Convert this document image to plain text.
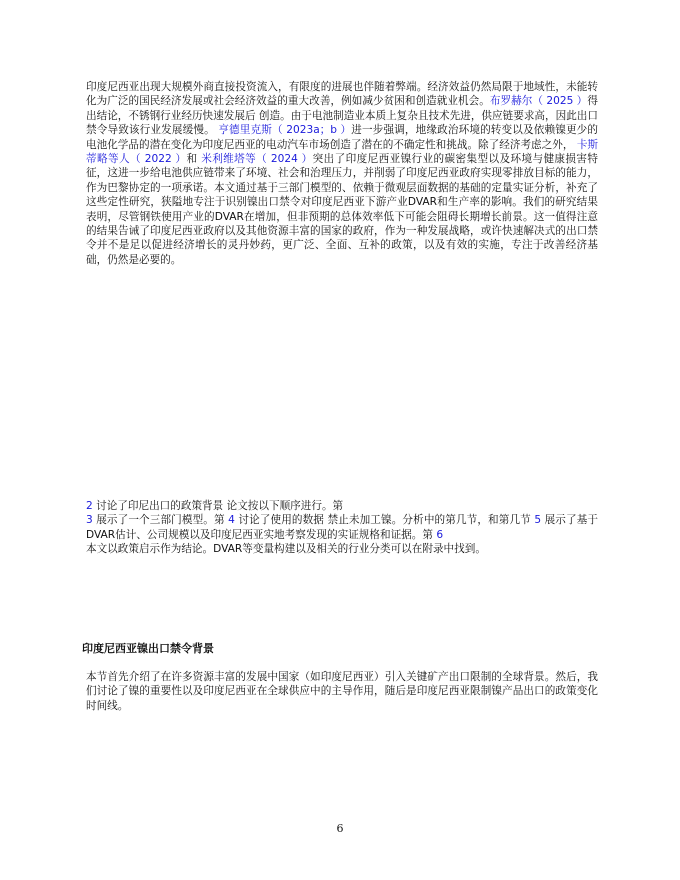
印度尼西亚出现大规模外商直接投资流入，有限度的进展也伴随着弊端。经济效益仍然局限于地域性，未能转化为广泛的国民经济发展或社会经济效益的重大改善，例如减少贫困和创造就业机会。布罗赫尔（ 2025 ）得出结论，不锈钢行业经历快速发展后 创造。由于电池制造业本质上复杂且技术先进，供应链要求高，因此出口禁令导致该行业发展缓慢。 亨德里克斯（ 2023a；b ）进一步强调，地缘政治环境的转变以及依赖镍更少的电池化学品的潜在变化为印度尼西亚的电动汽车市场创造了潜在的不确定性和挑战。除了经济考虑之外， 卡斯蒂略等人（ 2022 ）和 米利维塔等（ 2024 ）突出了印度尼西亚镍行业的碳密集型以及环境与健康损害特征，这进一步给电池供应链带来了环境、社会和治理压力，并削弱了印度尼西亚政府实现零排放目标的能力，作为巴黎协定的一项承诺。本文通过基于三部门模型的、依赖于微观层面数据的基础的定量实证分析，补充了这些定性研究，狭隘地专注于识别镍出口禁令对印度尼西亚下游产业DVAR和生产率的影响。我们的研究结果表明，尽管钢铁使用产业的DVAR在增加，但非预期的总体效率低下可能会阻碍长期增长前景。这一值得注意的结果告诫了印度尼西亚政府以及其他资源丰富的国家的政府，作为一种发展战略，或许快速解决式的出口禁令并不是足以促进经济增长的灵丹妙药，更广泛、全面、互补的政策，以及有效的实施，专注于改善经济基础，仍然是必要的。

2 讨论了印尼出口的政策背景 论文按以下顺序进行。第
3 展示了一个三部门模型。第 4 讨论了使用的数据 禁止未加工镍。分析中的第几节，和第几节 5 展示了基于DVAR估计、公司规模以及印度尼西亚实地考察发现的实证规格和证据。第 6
本文以政策启示作为结论。DVAR等变量构建以及相关的行业分类可以在附录中找到。

印度尼西亚镍出口禁令背景

本节首先介绍了在许多资源丰富的发展中国家（如印度尼西亚）引入关键矿产出口限制的全球背景。然后，我们讨论了镍的重要性以及印度尼西亚在全球供应中的主导作用，随后是印度尼西亚限制镍产品出口的政策变化时间线。

6
